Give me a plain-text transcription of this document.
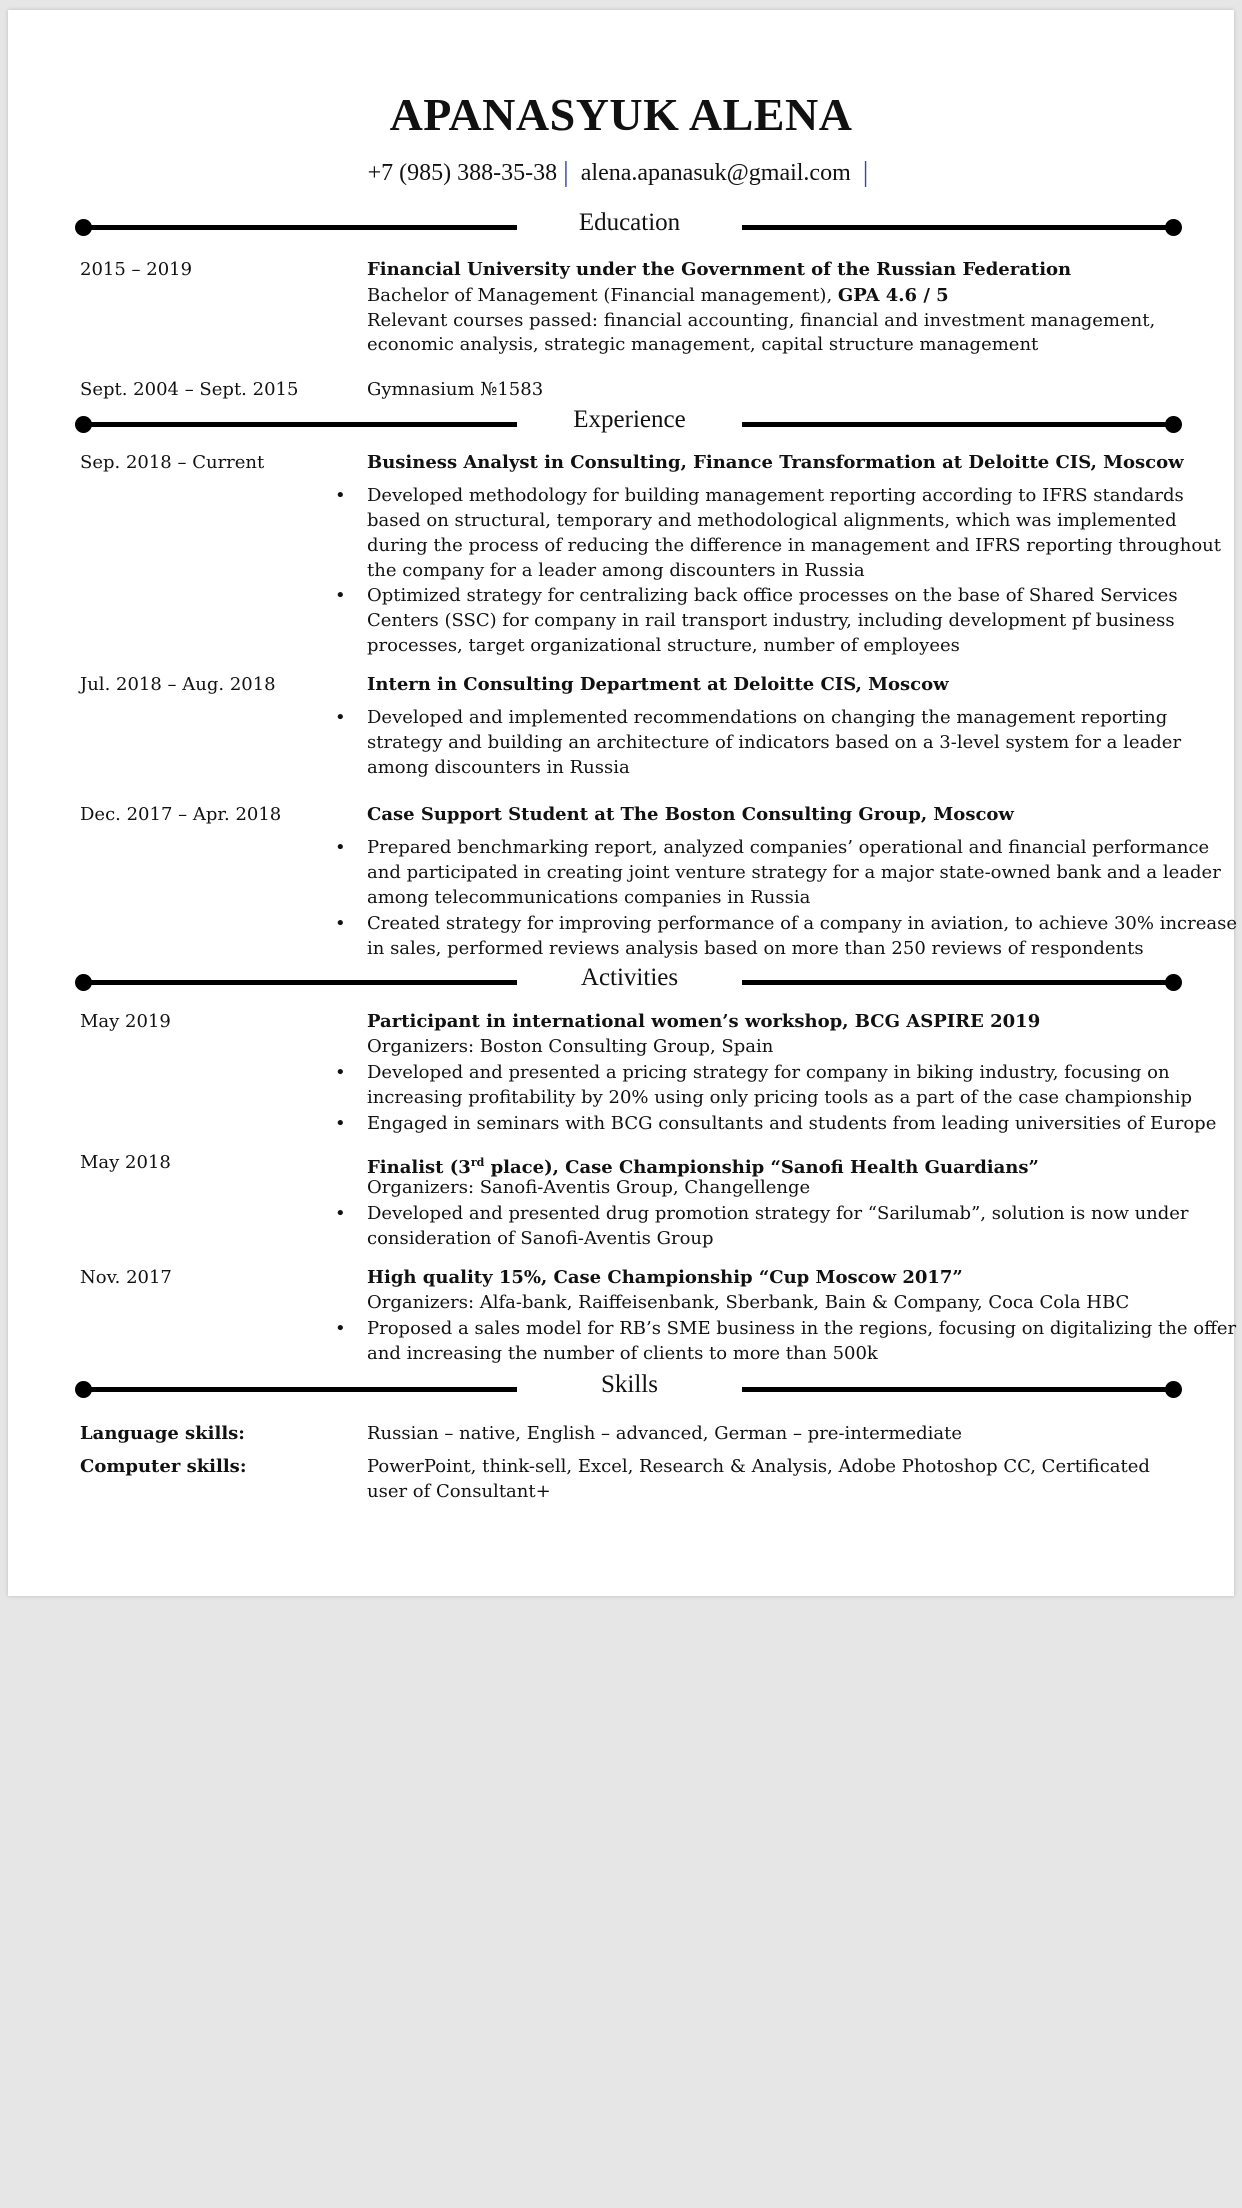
APANASYUK ALENA
+7 (985) 388-35-38 | alena.apanasuk@gmail.com |
Education
2015 – 2019	Financial University under the Government of the Russian Federation
Bachelor of Management (Financial management), GPA 4.6 / 5
Relevant courses passed: financial accounting, financial and investment management,
economic analysis, strategic management, capital structure management
Sept. 2004 – Sept. 2015	Gymnasium №1583
Experience
Sep. 2018 – Current	Business Analyst in Consulting, Finance Transformation at Deloitte CIS, Moscow
• Developed methodology for building management reporting according to IFRS standards
based on structural, temporary and methodological alignments, which was implemented
during the process of reducing the difference in management and IFRS reporting throughout
the company for a leader among discounters in Russia
• Optimized strategy for centralizing back office processes on the base of Shared Services
Centers (SSC) for company in rail transport industry, including development pf business
processes, target organizational structure, number of employees
Jul. 2018 – Aug. 2018	Intern in Consulting Department at Deloitte CIS, Moscow
• Developed and implemented recommendations on changing the management reporting
strategy and building an architecture of indicators based on a 3-level system for a leader
among discounters in Russia
Dec. 2017 – Apr. 2018	Case Support Student at The Boston Consulting Group, Moscow
• Prepared benchmarking report, analyzed companies’ operational and financial performance
and participated in creating joint venture strategy for a major state-owned bank and a leader
among telecommunications companies in Russia
• Created strategy for improving performance of a company in aviation, to achieve 30% increase
in sales, performed reviews analysis based on more than 250 reviews of respondents
Activities
May 2019	Participant in international women’s workshop, BCG ASPIRE 2019
Organizers: Boston Consulting Group, Spain
• Developed and presented a pricing strategy for company in biking industry, focusing on
increasing profitability by 20% using only pricing tools as a part of the case championship
• Engaged in seminars with BCG consultants and students from leading universities of Europe
May 2018	Finalist (3rd place), Case Championship “Sanofi Health Guardians”
Organizers: Sanofi-Aventis Group, Changellenge
• Developed and presented drug promotion strategy for “Sarilumab”, solution is now under
consideration of Sanofi-Aventis Group
Nov. 2017	High quality 15%, Case Championship “Cup Moscow 2017”
Organizers: Alfa-bank, Raiffeisenbank, Sberbank, Bain & Company, Coca Cola HBC
• Proposed a sales model for RB’s SME business in the regions, focusing on digitalizing the offer
and increasing the number of clients to more than 500k
Skills
Language skills:	Russian – native, English – advanced, German – pre-intermediate
Computer skills:	PowerPoint, think-sell, Excel, Research & Analysis, Adobe Photoshop CC, Certificated
user of Consultant+
